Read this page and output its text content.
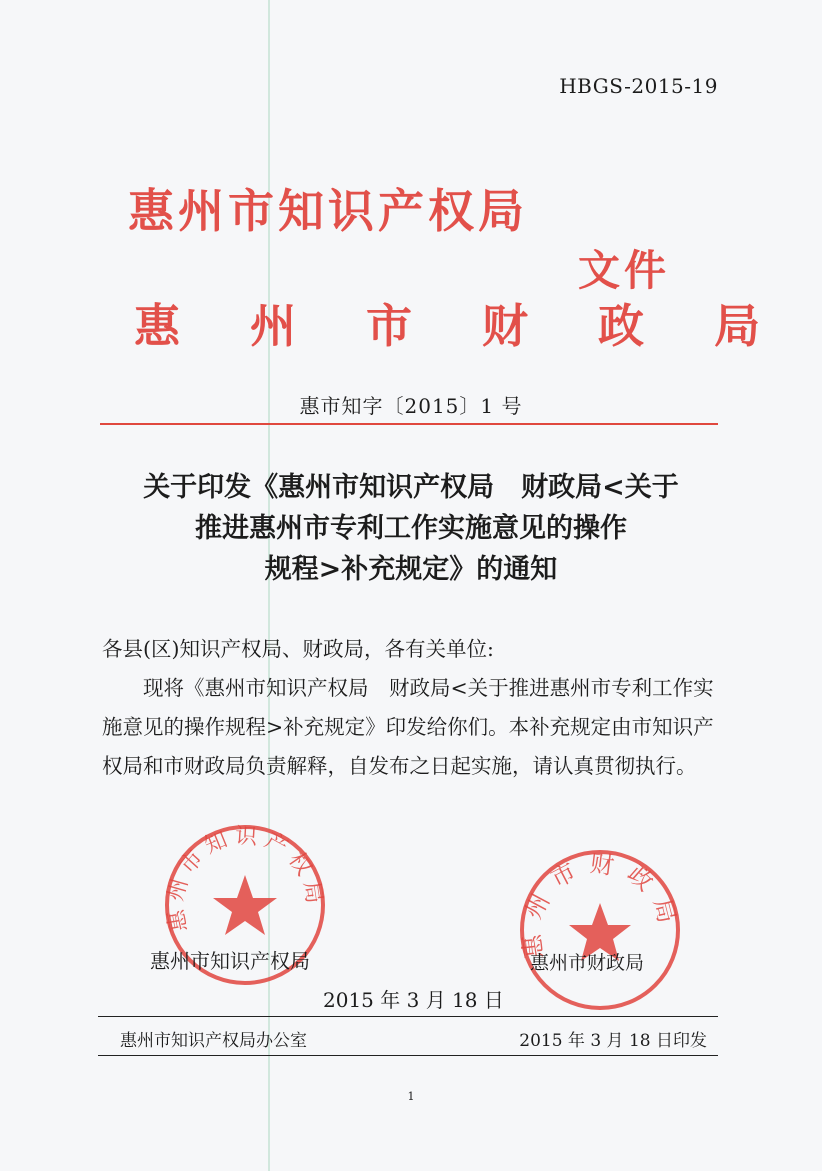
HBGS-2015-19
惠州市知识产权局
文件
惠 州 市 财 政 局
惠市知字〔2015〕1 号
关于印发《惠州市知识产权局　财政局<关于
推进惠州市专利工作实施意见的操作
规程>补充规定》的通知

各县(区)知识产权局、财政局，各有关单位:

现将《惠州市知识产权局　财政局<关于推进惠州市专利工作实施意见的操作规程>补充规定》印发给你们。本补充规定由市知识产权局和市财政局负责解释，自发布之日起实施，请认真贯彻执行。

惠州市知识产权局
惠州市财政局
惠州市知识产权局	惠州市财政局
2015 年 3 月 18 日
惠州市知识产权局办公室	2015 年 3 月 18 日印发
1
